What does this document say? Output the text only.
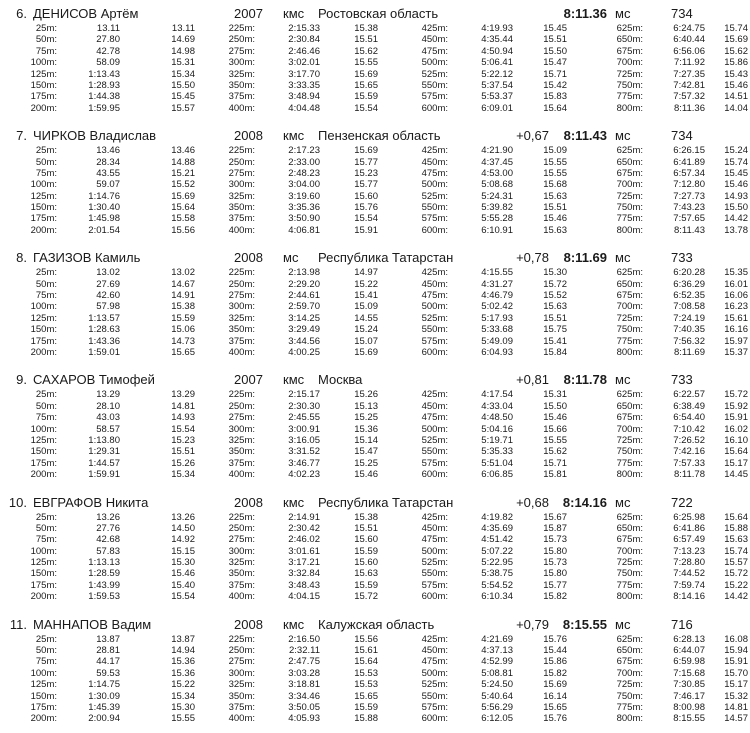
6. ДЕНИСОВ Артём	2007 кмс Ростовская область	8:11.36 мс	734
25m:	13.11	13.11	225m:	2:15.33	15.38	425m:	4:19.93	15.45	625m:	6:24.75	15.74
50m:	27.80	14.69	250m:	2:30.84	15.51	450m:	4:35.44	15.51	650m:	6:40.44	15.69
75m:	42.78	14.98	275m:	2:46.46	15.62	475m:	4:50.94	15.50	675m:	6:56.06	15.62
100m:	58.09	15.31	300m:	3:02.01	15.55	500m:	5:06.41	15.47	700m:	7:11.92	15.86
125m:	1:13.43	15.34	325m:	3:17.70	15.69	525m:	5:22.12	15.71	725m:	7:27.35	15.43
150m:	1:28.93	15.50	350m:	3:33.35	15.65	550m:	5:37.54	15.42	750m:	7:42.81	15.46
175m:	1:44.38	15.45	375m:	3:48.94	15.59	575m:	5:53.37	15.83	775m:	7:57.32	14.51
200m:	1:59.95	15.57	400m:	4:04.48	15.54	600m:	6:09.01	15.64	800m:	8:11.36	14.04
7. ЧИРКОВ Владислав	2008 кмс Пензенская область	+0,67	8:11.43 мс	734
25m:	13.46	13.46	225m:	2:17.23	15.69	425m:	4:21.90	15.09	625m:	6:26.15	15.24
50m:	28.34	14.88	250m:	2:33.00	15.77	450m:	4:37.45	15.55	650m:	6:41.89	15.74
75m:	43.55	15.21	275m:	2:48.23	15.23	475m:	4:53.00	15.55	675m:	6:57.34	15.45
100m:	59.07	15.52	300m:	3:04.00	15.77	500m:	5:08.68	15.68	700m:	7:12.80	15.46
125m:	1:14.76	15.69	325m:	3:19.60	15.60	525m:	5:24.31	15.63	725m:	7:27.73	14.93
150m:	1:30.40	15.64	350m:	3:35.36	15.76	550m:	5:39.82	15.51	750m:	7:43.23	15.50
175m:	1:45.98	15.58	375m:	3:50.90	15.54	575m:	5:55.28	15.46	775m:	7:57.65	14.42
200m:	2:01.54	15.56	400m:	4:06.81	15.91	600m:	6:10.91	15.63	800m:	8:11.43	13.78
8. ГАЗИЗОВ Камиль	2008 мс Республика Татарстан	+0,78	8:11.69 мс	733
25m:	13.02	13.02	225m:	2:13.98	14.97	425m:	4:15.55	15.30	625m:	6:20.28	15.35
50m:	27.69	14.67	250m:	2:29.20	15.22	450m:	4:31.27	15.72	650m:	6:36.29	16.01
75m:	42.60	14.91	275m:	2:44.61	15.41	475m:	4:46.79	15.52	675m:	6:52.35	16.06
100m:	57.98	15.38	300m:	2:59.70	15.09	500m:	5:02.42	15.63	700m:	7:08.58	16.23
125m:	1:13.57	15.59	325m:	3:14.25	14.55	525m:	5:17.93	15.51	725m:	7:24.19	15.61
150m:	1:28.63	15.06	350m:	3:29.49	15.24	550m:	5:33.68	15.75	750m:	7:40.35	16.16
175m:	1:43.36	14.73	375m:	3:44.56	15.07	575m:	5:49.09	15.41	775m:	7:56.32	15.97
200m:	1:59.01	15.65	400m:	4:00.25	15.69	600m:	6:04.93	15.84	800m:	8:11.69	15.37
9. САХАРОВ Тимофей	2007 кмс Москва	+0,81	8:11.78 мс	733
25m:	13.29	13.29	225m:	2:15.17	15.26	425m:	4:17.54	15.31	625m:	6:22.57	15.72
50m:	28.10	14.81	250m:	2:30.30	15.13	450m:	4:33.04	15.50	650m:	6:38.49	15.92
75m:	43.03	14.93	275m:	2:45.55	15.25	475m:	4:48.50	15.46	675m:	6:54.40	15.91
100m:	58.57	15.54	300m:	3:00.91	15.36	500m:	5:04.16	15.66	700m:	7:10.42	16.02
125m:	1:13.80	15.23	325m:	3:16.05	15.14	525m:	5:19.71	15.55	725m:	7:26.52	16.10
150m:	1:29.31	15.51	350m:	3:31.52	15.47	550m:	5:35.33	15.62	750m:	7:42.16	15.64
175m:	1:44.57	15.26	375m:	3:46.77	15.25	575m:	5:51.04	15.71	775m:	7:57.33	15.17
200m:	1:59.91	15.34	400m:	4:02.23	15.46	600m:	6:06.85	15.81	800m:	8:11.78	14.45
10. ЕВГРАФОВ Никита	2008 кмс Республика Татарстан	+0,68	8:14.16 мс	722
25m:	13.26	13.26	225m:	2:14.91	15.38	425m:	4:19.82	15.67	625m:	6:25.98	15.64
50m:	27.76	14.50	250m:	2:30.42	15.51	450m:	4:35.69	15.87	650m:	6:41.86	15.88
75m:	42.68	14.92	275m:	2:46.02	15.60	475m:	4:51.42	15.73	675m:	6:57.49	15.63
100m:	57.83	15.15	300m:	3:01.61	15.59	500m:	5:07.22	15.80	700m:	7:13.23	15.74
125m:	1:13.13	15.30	325m:	3:17.21	15.60	525m:	5:22.95	15.73	725m:	7:28.80	15.57
150m:	1:28.59	15.46	350m:	3:32.84	15.63	550m:	5:38.75	15.80	750m:	7:44.52	15.72
175m:	1:43.99	15.40	375m:	3:48.43	15.59	575m:	5:54.52	15.77	775m:	7:59.74	15.22
200m:	1:59.53	15.54	400m:	4:04.15	15.72	600m:	6:10.34	15.82	800m:	8:14.16	14.42
11. МАННАПОВ Вадим	2008 кмс Калужская область	+0,79	8:15.55 мс	716
25m:	13.87	13.87	225m:	2:16.50	15.56	425m:	4:21.69	15.76	625m:	6:28.13	16.08
50m:	28.81	14.94	250m:	2:32.11	15.61	450m:	4:37.13	15.44	650m:	6:44.07	15.94
75m:	44.17	15.36	275m:	2:47.75	15.64	475m:	4:52.99	15.86	675m:	6:59.98	15.91
100m:	59.53	15.36	300m:	3:03.28	15.53	500m:	5:08.81	15.82	700m:	7:15.68	15.70
125m:	1:14.75	15.22	325m:	3:18.81	15.53	525m:	5:24.50	15.69	725m:	7:30.85	15.17
150m:	1:30.09	15.34	350m:	3:34.46	15.65	550m:	5:40.64	16.14	750m:	7:46.17	15.32
175m:	1:45.39	15.30	375m:	3:50.05	15.59	575m:	5:56.29	15.65	775m:	8:00.98	14.81
200m:	2:00.94	15.55	400m:	4:05.93	15.88	600m:	6:12.05	15.76	800m:	8:15.55	14.57
